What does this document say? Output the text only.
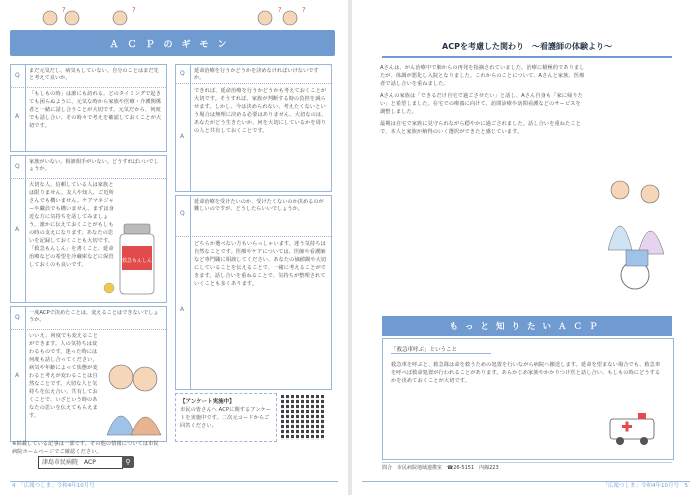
?	?	?	?
ＡＣＰのギモン
Q
まだ元気だし、病気もしていない。自分のことはまだ先と考えて良いか。
A
「もしもの時」は誰にも訪れる。どのタイミングで起きても困らぬように、元気な時から家族や医療・介護関係者と一緒に話し合うことが大切です。元気だから、何度でも話し合い、その時々で考えを確認しておくことが大切です。
Q
家族がいない。相談相手がいない。どうすればいいでしょうか。
A
大切な人、信頼している人は家族とは限りません。友人や知人、ご近所さんでも構いません。ケアマネジャーや職員でも構いません。まずは身近な方に気持ちを話してみましょう。誰かに伝えておくことがもしもの時の支えになります。あなたの思いを記録しておくことも大切です。「救急もんしん」を書くこと、延命治療などの希望を冷蔵庫などに保管しておくのも良いです。
救急もんしん
Q
一度ACPで決めたことは、変えることはできないでしょうか。
A
いいえ、何度でも変えることができます。人の気持ちは変わるものです。迷った時には何度も話し合ってください。病気や年齢によって状態が変わると考えが変わることは自然なことです。大切な人と気持ちを伝え合い、共有しておくことで、いざという時のあなたの思いを伝えてもらえます。
Q 延命治療を行うかどうかを決めなければいけないですか。
A
できれば、延命治療を行うかどうかも考えておくことが大切です。そうすれば、家族が判断する時の負担を減らせます。しかし、今は決められない、考えたくないという場合は無理に決める必要はありません。大切なのは、あなたがどう生きたいか、何を大切にしているかを周りの人と共有しておくことです。
Q
延命治療を受けたいのか、受けたくないのか決めるのが難しいのですが、どうしたらいいでしょうか。
A
どちらか選べない方もいらっしゃいます。迷う気持ちは自然なことです。医療やケアについては、医師や看護師など専門職に相談してください。あなたの価値観や大切にしていることを伝えることで、一緒に考えることができます。話し合いを重ねることで、気持ちが整理されていくことも多くあります。
【アンケート実施中】
市民の皆さんへ ACPに関するアンケートを実施中です。二次元コードからご回答ください。
※掲載している記事は一部です。その他の情報については市民病院ホームページでご確認ください。
津島市民病院　ACP	⚲
4　「広報つしま」令和4年10月号
ACPを考慮した関わり　～看護師の体験より～
Aさんは、がん治療中で肺からの再発を指摘されていました。治療に積極的でありましたが、体調が悪化し入院となりました。これからのことについて、Aさんと家族、医療者で話し合いを重ねました。
Aさんの家族は「できるだけ自宅で過ごさせたい」と話し、Aさん自身も「家に帰りたい」と希望しました。在宅での療養に向けて、訪問診療や訪問看護などのサービスを調整しました。
最期は自宅で家族に見守られながら穏やかに過ごされました。話し合いを重ねたことで、本人と家族が納得のいく選択ができたと感じています。
もっと知りたいＡＣＰ
「救急車呼ぶ」ということ
救急車を呼ぶと、救急隊は命を救うための処置を行いながら病院へ搬送します。延命を望まない場合でも、救急車を呼べば救命処置が行われることがあります。あらかじめ家族やかかりつけ医と話し合い、もしもの時にどうするかを決めておくことが大切です。
問合　市民病院地域連携室　☎26-5151　内線223
「広報つしま」令和4年10月号　5
